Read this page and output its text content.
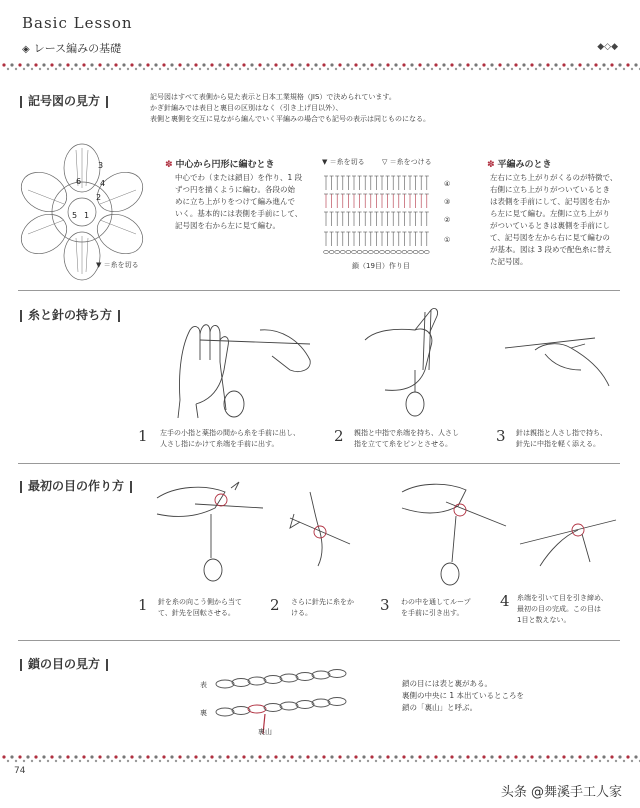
Basic Lesson
◈ レース編みの基礎	◆◇◆
記号図の見方	記号図はすべて表側から見た表示と日本工業規格（JIS）で決められています。
かぎ針編みでは表目と裏目の区別はなく（引き上げ目以外）、
表側と裏側を交互に見ながら編んでいく平編みの場合でも記号の表示は同じものになる。
5 1
2
3
4
6
▼ ＝糸を切る
✽ 中心から円形に編むとき
中心でわ（または鎖目）を作り、1 段
ずつ円を描くように編む。各段の始
めに立ち上がりをつけて編み進んで
いく。基本的には表側を手前にして、
記号図を右から左に見て編む。
▼ ＝糸を切る ▽ ＝糸をつける
④
③
②
①
鎖（19目）作り目
✽ 平編みのとき
左右に立ち上がりがくるのが特徴で、
右側に立ち上がりがついているとき
は表側を手前にして、記号図を右か
ら左に見て編む。左側に立ち上がり
がついているときは裏側を手前にし
て、記号図を左から右に見て編むの
が基本。図は 3 段めで配色糸に替え
た記号図。
糸と針の持ち方
1 左手の小指と薬指の間から糸を手前に出し、
人さし指にかけて糸端を手前に出す。	2 親指と中指で糸端を持ち、人さし
指を立てて糸をピンとさせる。	3 針は親指と人さし指で持ち、
針先に中指を軽く添える。
最初の目の作り方
1 針を糸の向こう側から当て
て、針先を回転させる。	2 さらに針先に糸をか
ける。	3 わの中を通してループ
を手前に引き出す。
4 糸端を引いて目を引き締め、
最初の目の完成。この目は
1目と数えない。
鎖の目の見方
表
裏
裏山
鎖の目には表と裏がある。
裏側の中央に 1 本出ているところを
鎖の「裏山」と呼ぶ。
74
头条 @舞溪手工人家
